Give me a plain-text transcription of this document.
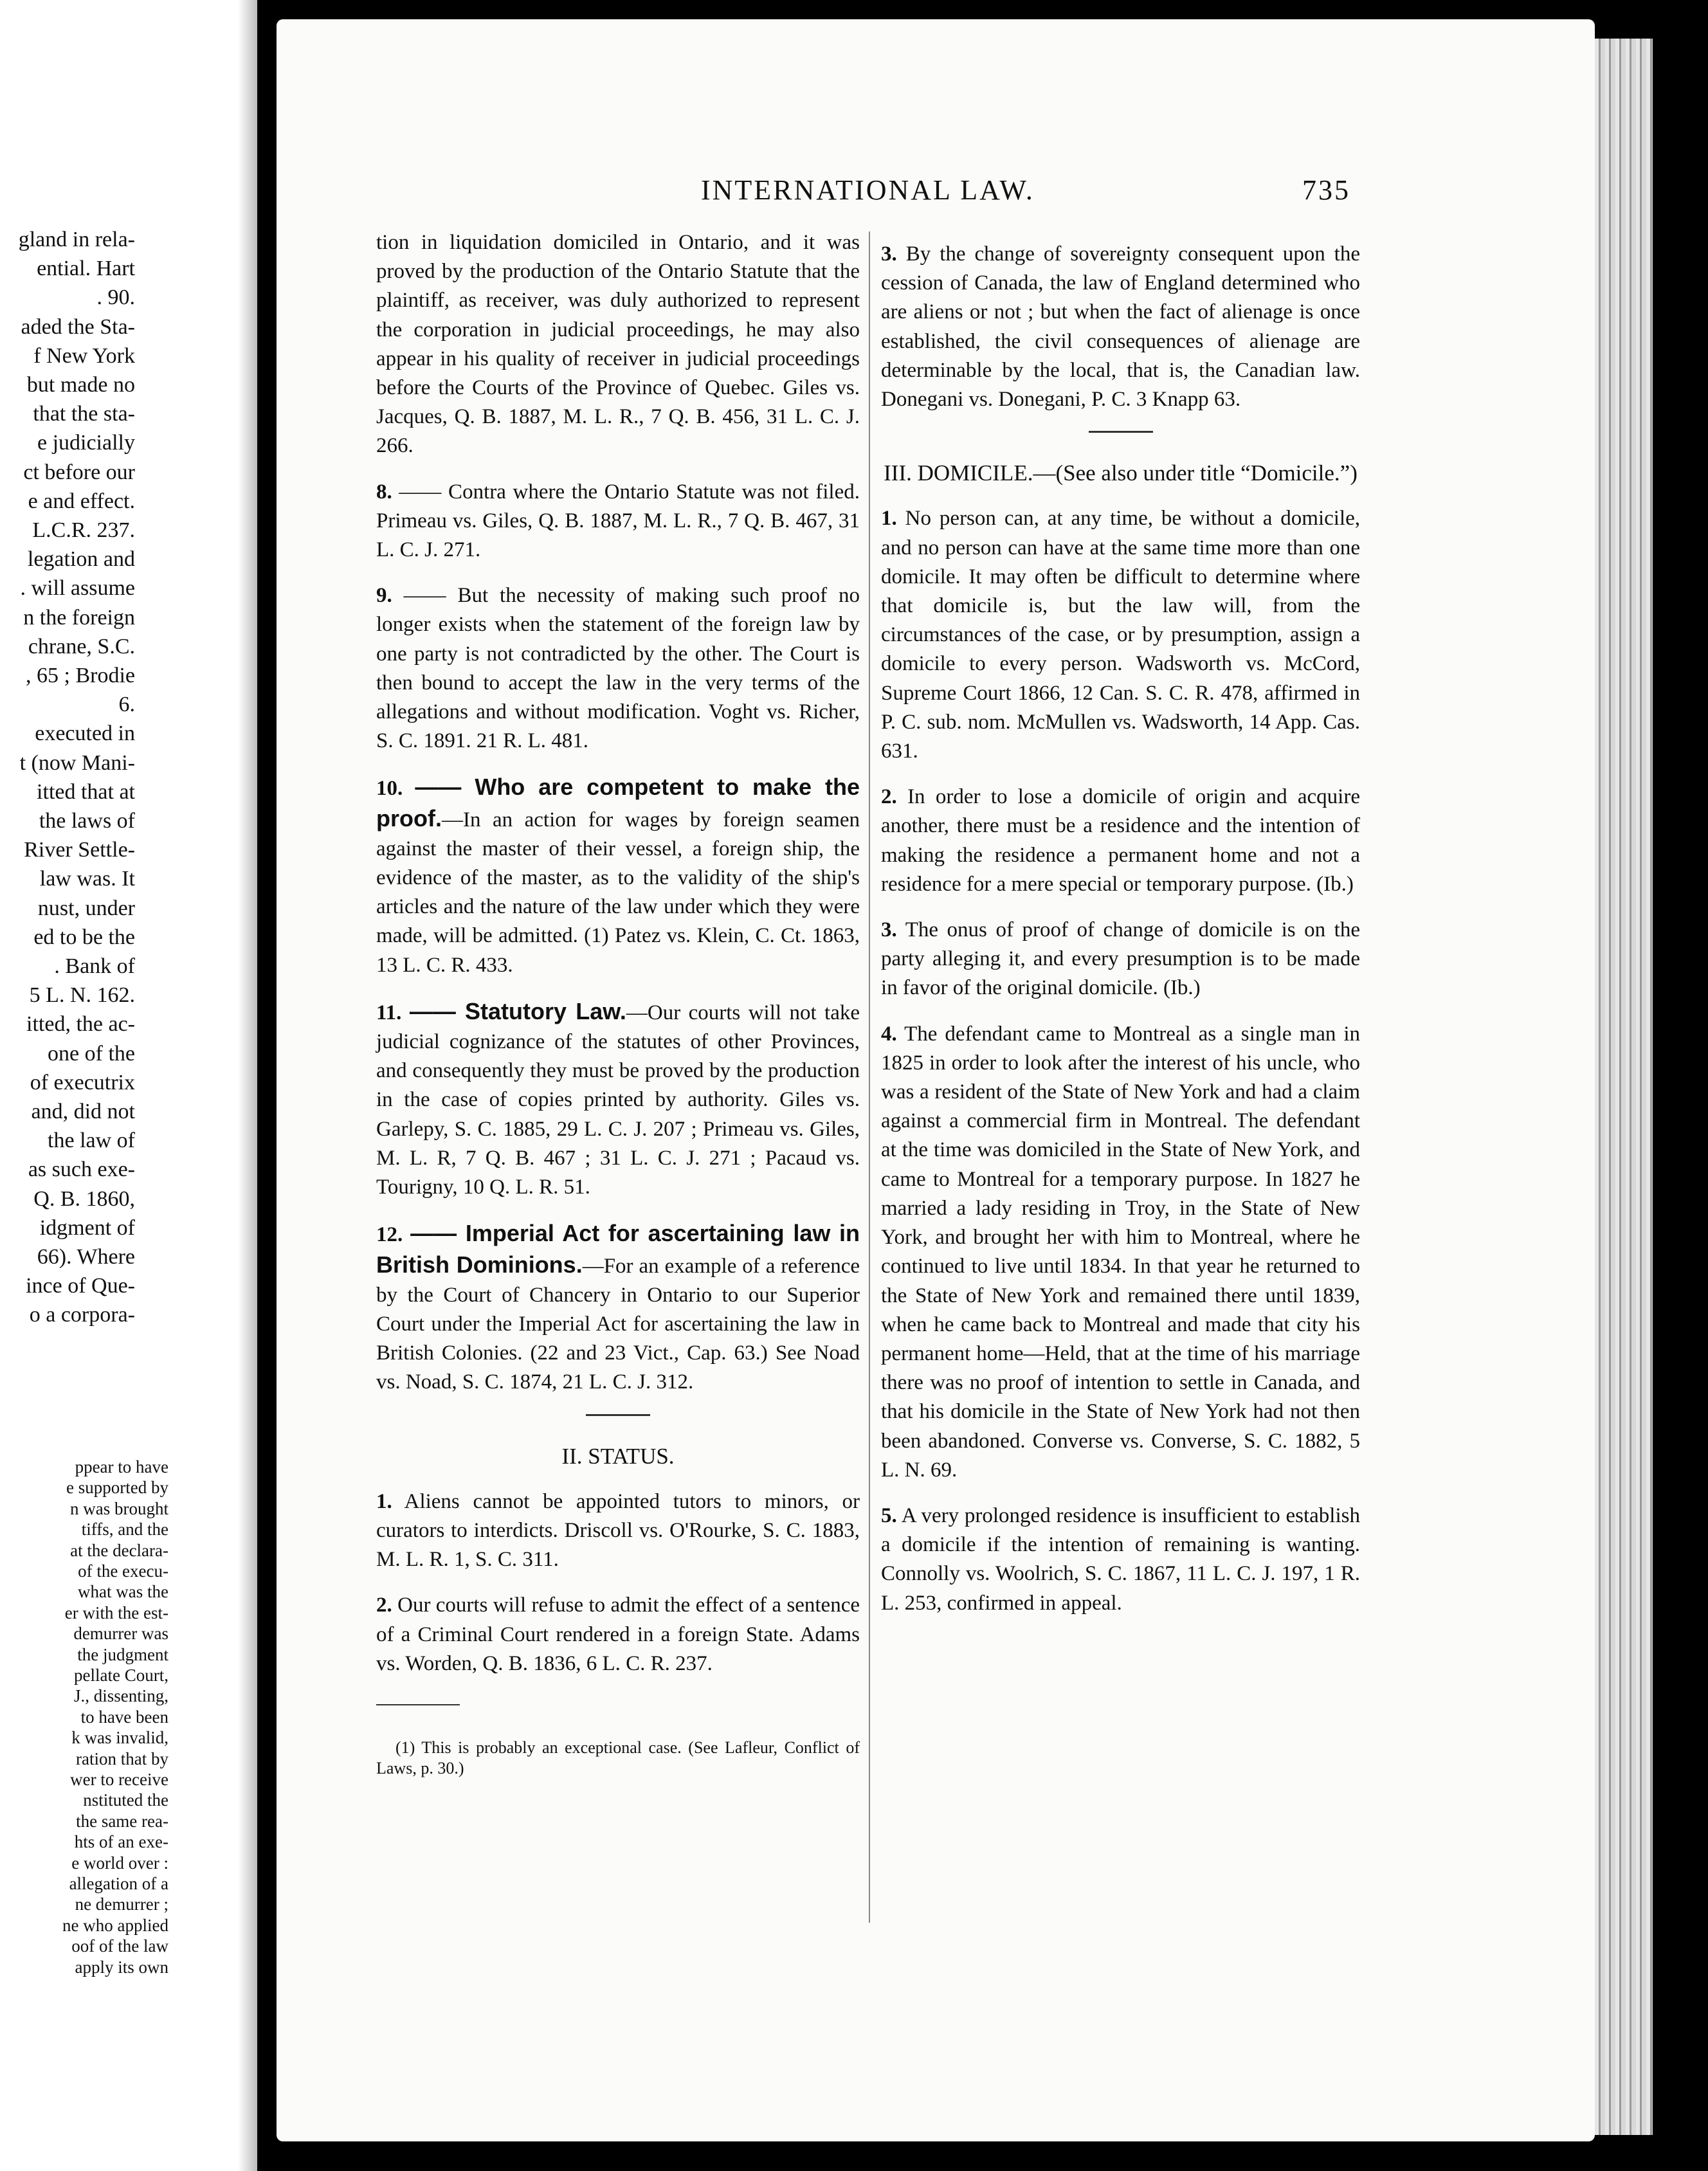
gland in rela-
ential. Hart
. 90.
aded the Sta-
f New York
but made no
that the sta-
e judicially
ct before our
e and effect.
L.C.R. 237.
legation and
. will assume
n the foreign
chrane, S.C.
, 65 ; Brodie
6.
executed in
t (now Mani-
itted that at
the laws of
River Settle-
law was. It
nust, under
ed to be the
. Bank of
5 L. N. 162.
itted, the ac-
one of the
of executrix
and, did not
the law of
as such exe-
Q. B. 1860,
idgment of
66). Where
ince of Que-
o a corpora-
ppear to have
e supported by
n was brought
tiffs, and the
at the declara-
of the execu-
what was the
er with the est-
demurrer was
the judgment
pellate Court,
J., dissenting,
to have been
k was invalid,
ration that by
wer to receive
nstituted the
the same rea-
hts of an exe-
e world over :
allegation of a
ne demurrer ;
ne who applied
oof of the law
apply its own
INTERNATIONAL LAW.	735

tion in liquidation domiciled in Ontario, and it was proved by the production of the Ontario Statute that the plaintiff, as receiver, was duly authorized to represent the corporation in judicial proceedings, he may also appear in his quality of receiver in judicial proceedings before the Courts of the Province of Quebec. Giles vs. Jacques, Q. B. 1887, M. L. R., 7 Q. B. 456, 31 L. C. J. 266.

8. —— Contra where the Ontario Statute was not filed. Primeau vs. Giles, Q. B. 1887, M. L. R., 7 Q. B. 467, 31 L. C. J. 271.

9. —— But the necessity of making such proof no longer exists when the statement of the foreign law by one party is not contradicted by the other. The Court is then bound to accept the law in the very terms of the allegations and without modification. Voght vs. Richer, S. C. 1891. 21 R. L. 481.

10. —— Who are competent to make the proof.—In an action for wages by foreign seamen against the master of their vessel, a foreign ship, the evidence of the master, as to the validity of the ship's articles and the nature of the law under which they were made, will be admitted. (1) Patez vs. Klein, C. Ct. 1863, 13 L. C. R. 433.

11. —— Statutory Law.—Our courts will not take judicial cognizance of the statutes of other Provinces, and consequently they must be proved by the production in the case of copies printed by authority. Giles vs. Garlepy, S. C. 1885, 29 L. C. J. 207 ; Primeau vs. Giles, M. L. R, 7 Q. B. 467 ; 31 L. C. J. 271 ; Pacaud vs. Tourigny, 10 Q. L. R. 51.

12. —— Imperial Act for ascertaining law in British Dominions.—For an example of a reference by the Court of Chancery in Ontario to our Superior Court under the Imperial Act for ascertaining the law in British Colonies. (22 and 23 Vict., Cap. 63.) See Noad vs. Noad, S. C. 1874, 21 L. C. J. 312.

II. STATUS.

1. Aliens cannot be appointed tutors to minors, or curators to interdicts. Driscoll vs. O'Rourke, S. C. 1883, M. L. R. 1, S. C. 311.

2. Our courts will refuse to admit the effect of a sentence of a Criminal Court rendered in a foreign State. Adams vs. Worden, Q. B. 1836, 6 L. C. R. 237.

(1) This is probably an exceptional case. (See Lafleur, Conflict of Laws, p. 30.)

3. By the change of sovereignty consequent upon the cession of Canada, the law of England determined who are aliens or not ; but when the fact of alienage is once established, the civil consequences of alienage are determinable by the local, that is, the Canadian law. Donegani vs. Donegani, P. C. 3 Knapp 63.

III. DOMICILE.—(See also under title “Domicile.”)

1. No person can, at any time, be without a domicile, and no person can have at the same time more than one domicile. It may often be difficult to determine where that domicile is, but the law will, from the circumstances of the case, or by presumption, assign a domicile to every person. Wadsworth vs. McCord, Supreme Court 1866, 12 Can. S. C. R. 478, affirmed in P. C. sub. nom. McMullen vs. Wadsworth, 14 App. Cas. 631.

2. In order to lose a domicile of origin and acquire another, there must be a residence and the intention of making the residence a permanent home and not a residence for a mere special or temporary purpose. (Ib.)

3. The onus of proof of change of domicile is on the party alleging it, and every presumption is to be made in favor of the original domicile. (Ib.)

4. The defendant came to Montreal as a single man in 1825 in order to look after the interest of his uncle, who was a resident of the State of New York and had a claim against a commercial firm in Montreal. The defendant at the time was domiciled in the State of New York, and came to Montreal for a temporary purpose. In 1827 he married a lady residing in Troy, in the State of New York, and brought her with him to Montreal, where he continued to live until 1834. In that year he returned to the State of New York and remained there until 1839, when he came back to Montreal and made that city his permanent home—Held, that at the time of his marriage there was no proof of intention to settle in Canada, and that his domicile in the State of New York had not then been abandoned. Converse vs. Converse, S. C. 1882, 5 L. N. 69.

5. A very prolonged residence is insufficient to establish a domicile if the intention of remaining is wanting. Connolly vs. Woolrich, S. C. 1867, 11 L. C. J. 197, 1 R. L. 253, confirmed in appeal.
